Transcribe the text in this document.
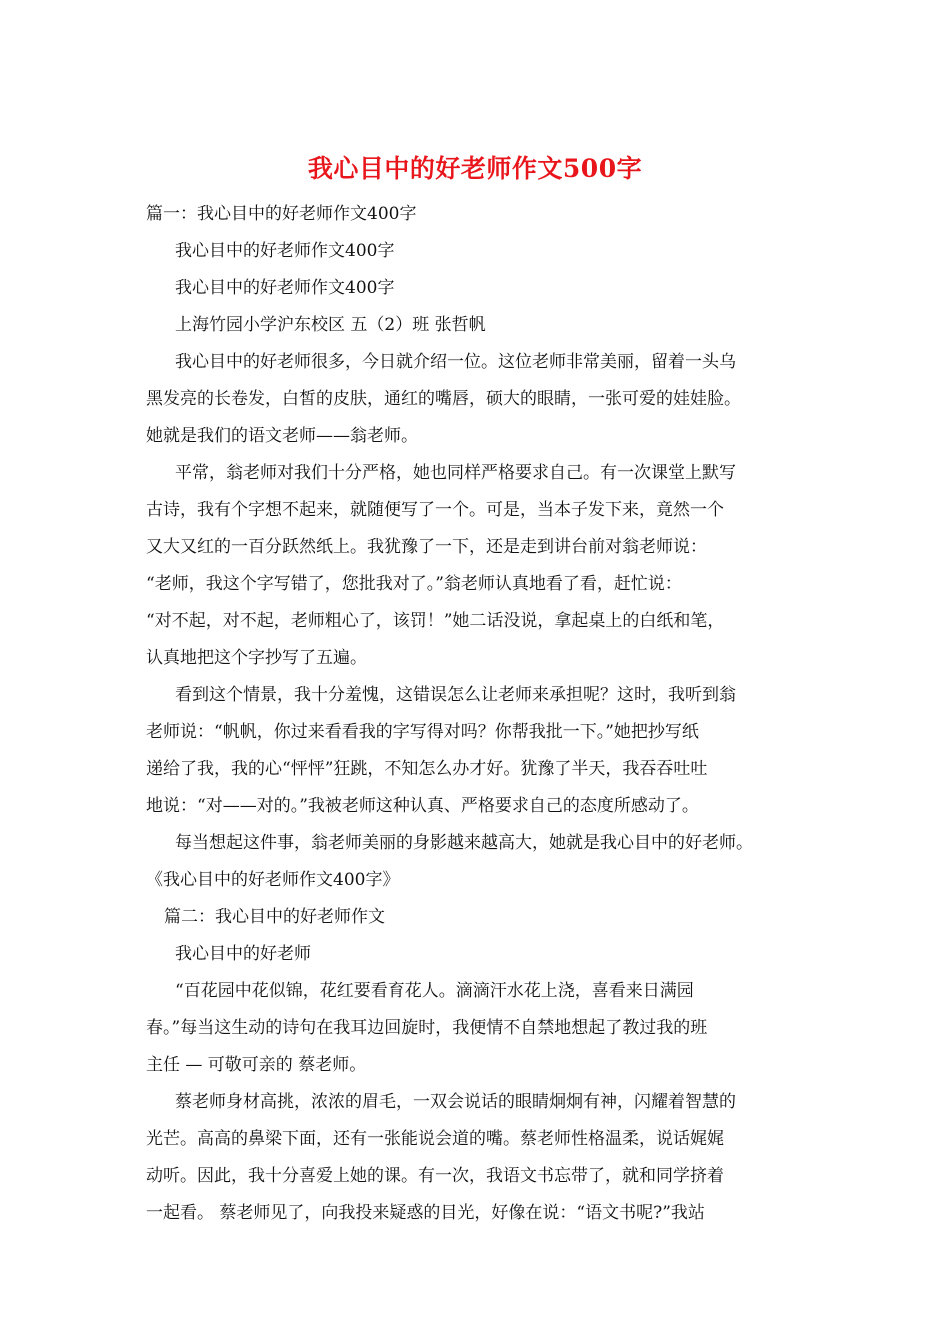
我心目中的好老师作文500字
篇一：我心目中的好老师作文400字
我心目中的好老师作文400字
我心目中的好老师作文400字
上海竹园小学沪东校区 五（2）班 张哲帆
我心目中的好老师很多，今日就介绍一位。这位老师非常美丽，留着一头乌
黑发亮的长卷发，白皙的皮肤，通红的嘴唇，硕大的眼睛，一张可爱的娃娃脸。
她就是我们的语文老师——翁老师。
平常，翁老师对我们十分严格，她也同样严格要求自己。有一次课堂上默写
古诗，我有个字想不起来，就随便写了一个。可是，当本子发下来，竟然一个
又大又红的一百分跃然纸上。我犹豫了一下，还是走到讲台前对翁老师说：
“老师，我这个字写错了，您批我对了。”翁老师认真地看了看，赶忙说：
“对不起，对不起，老师粗心了，该罚！”她二话没说，拿起桌上的白纸和笔，
认真地把这个字抄写了五遍。
看到这个情景，我十分羞愧，这错误怎么让老师来承担呢？这时，我听到翁
老师说：“帆帆，你过来看看我的字写得对吗？你帮我批一下。”她把抄写纸
递给了我，我的心“怦怦”狂跳，不知怎么办才好。犹豫了半天，我吞吞吐吐
地说：“对——对的。”我被老师这种认真、严格要求自己的态度所感动了。
每当想起这件事，翁老师美丽的身影越来越高大，她就是我心目中的好老师。
《我心目中的好老师作文400字》
篇二：我心目中的好老师作文
我心目中的好老师
“百花园中花似锦，花红要看育花人。滴滴汗水花上浇，喜看来日满园
春。”每当这生动的诗句在我耳边回旋时，我便情不自禁地想起了教过我的班
主任 — 可敬可亲的 蔡老师。
蔡老师身材高挑，浓浓的眉毛，一双会说话的眼睛炯炯有神，闪耀着智慧的
光芒。高高的鼻梁下面，还有一张能说会道的嘴。蔡老师性格温柔，说话娓娓
动听。因此，我十分喜爱上她的课。有一次，我语文书忘带了，就和同学挤着
一起看。 蔡老师见了，向我投来疑惑的目光，好像在说：“语文书呢?”我站
